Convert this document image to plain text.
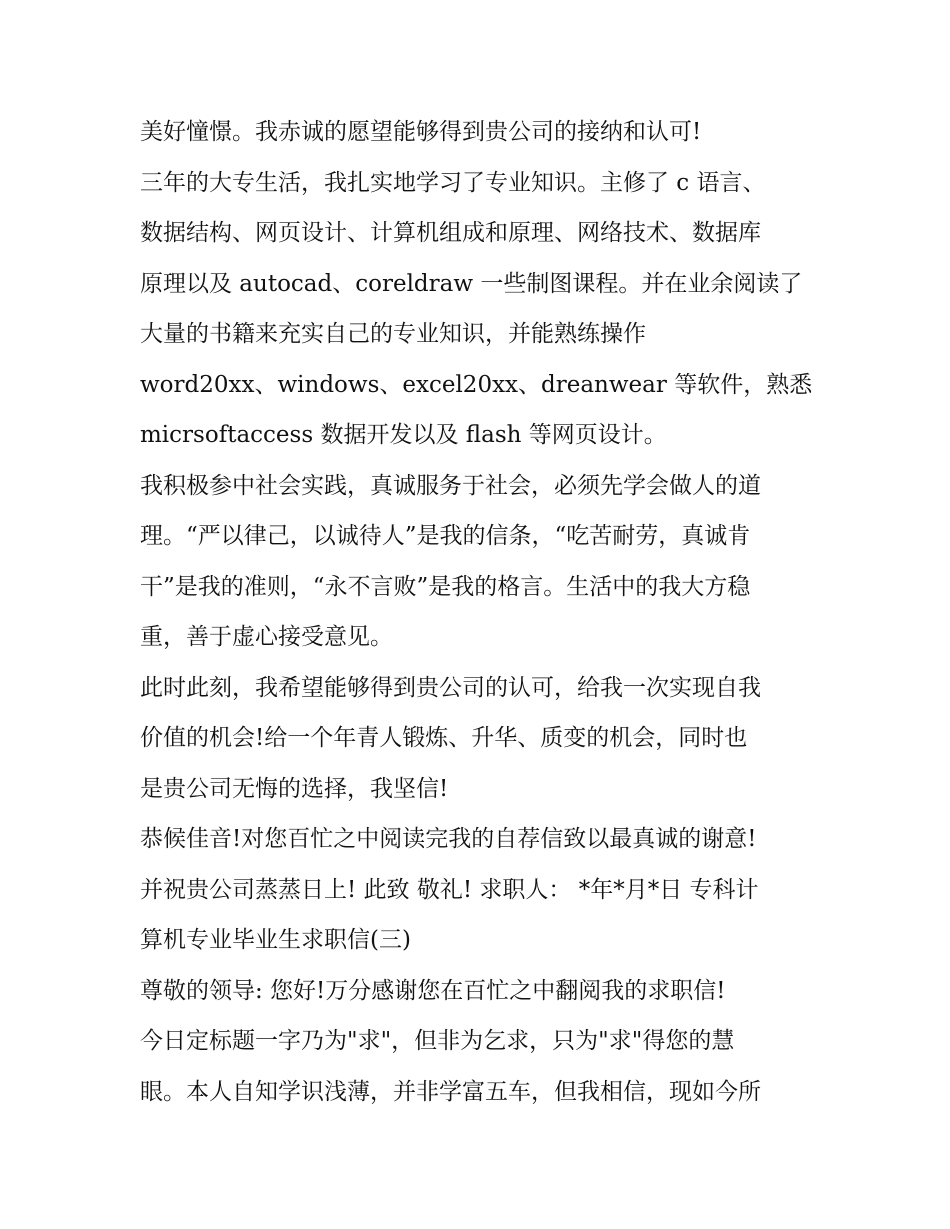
美好憧憬。我赤诚的愿望能够得到贵公司的接纳和认可!
三年的大专生活，我扎实地学习了专业知识。主修了 c 语言、
数据结构、网页设计、计算机组成和原理、网络技术、数据库
原理以及 autocad、coreldraw 一些制图课程。并在业余阅读了
大量的书籍来充实自己的专业知识，并能熟练操作
word20xx、windows、excel20xx、dreanwear 等软件，熟悉
micrsoftaccess 数据开发以及 flash 等网页设计。
我积极参中社会实践，真诚服务于社会，必须先学会做人的道
理。“严以律己，以诚待人”是我的信条，“吃苦耐劳，真诚肯
干”是我的准则，“永不言败”是我的格言。生活中的我大方稳
重，善于虚心接受意见。
此时此刻，我希望能够得到贵公司的认可，给我一次实现自我
价值的机会!给一个年青人锻炼、升华、质变的机会，同时也
是贵公司无悔的选择，我坚信!
恭候佳音!对您百忙之中阅读完我的自荐信致以最真诚的谢意!
并祝贵公司蒸蒸日上! 此致 敬礼! 求职人： *年*月*日 专科计
算机专业毕业生求职信(三)
尊敬的领导: 您好!万分感谢您在百忙之中翻阅我的求职信!
今日定标题一字乃为"求"，但非为乞求，只为"求"得您的慧
眼。本人自知学识浅薄，并非学富五车，但我相信，现如今所
